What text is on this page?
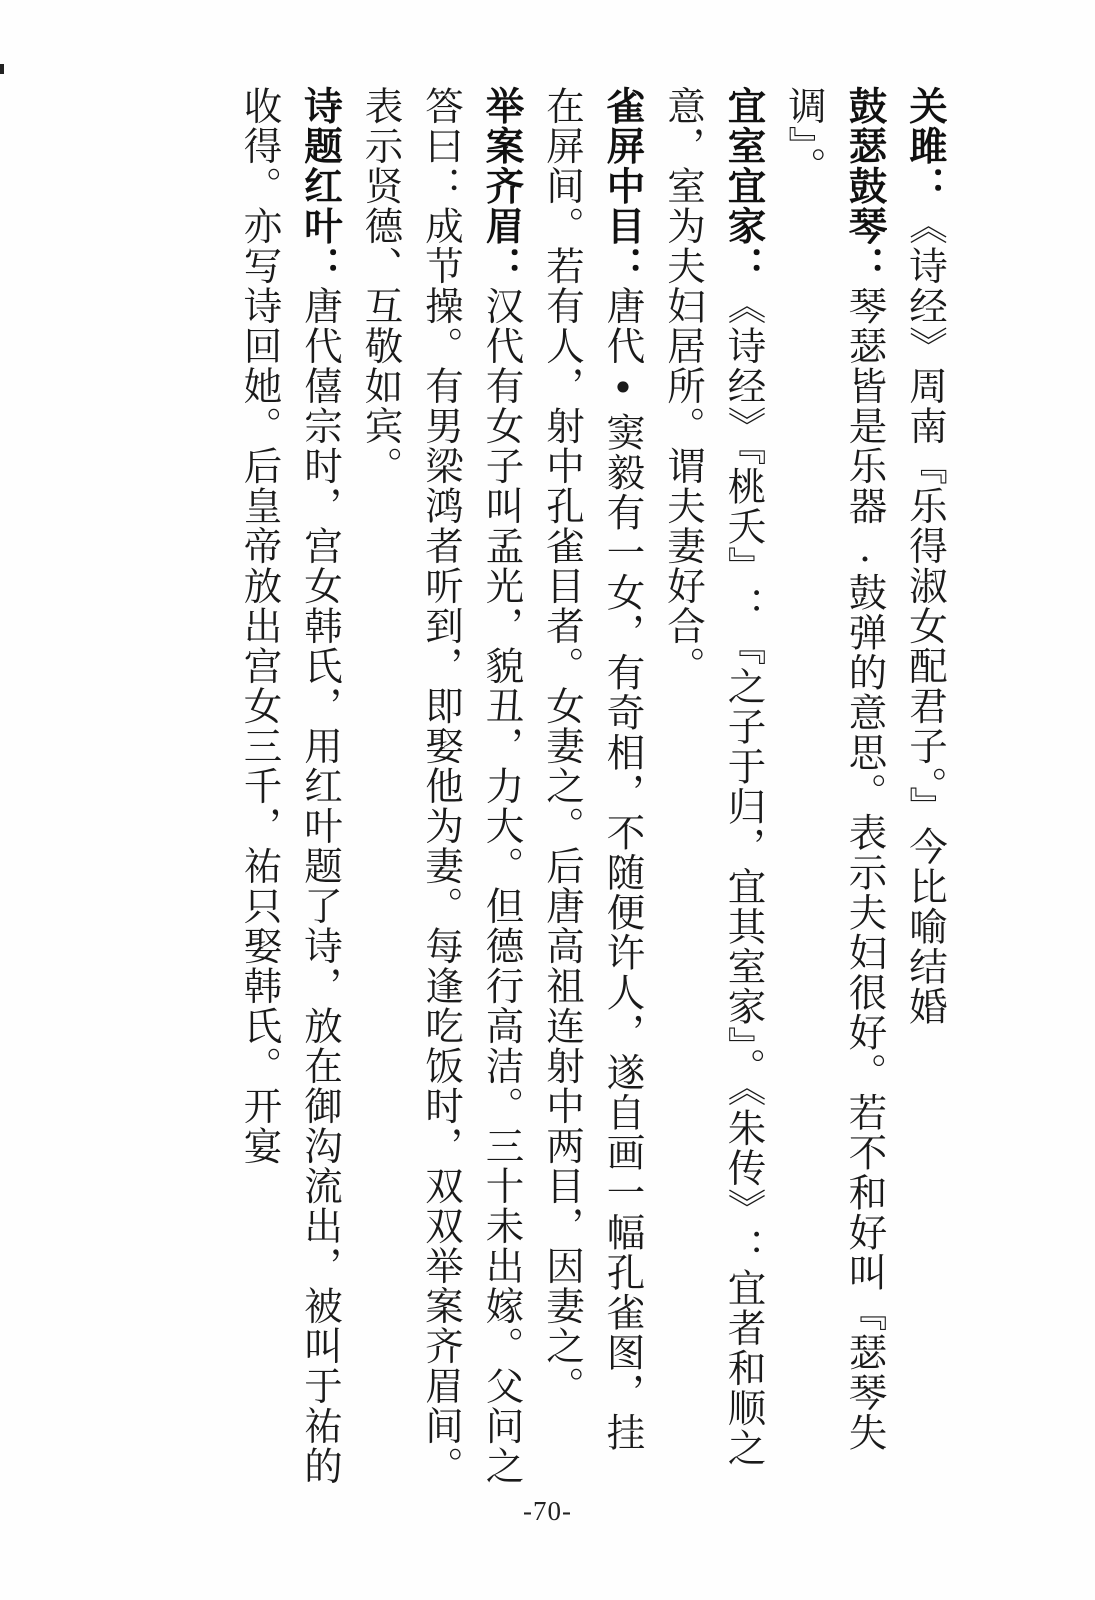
关雎：《诗经》周南『乐得淑女配君子。』今比喻结婚

鼓瑟鼓琴：琴瑟皆是乐器.鼓弹的意思。表示夫妇很好。若不和好叫『瑟琴失调』。

宜室宜家：《诗经》『桃夭』：『之子于归，宜其室家』。《朱传》：宜者和顺之意，室为夫妇居所。谓夫妻好合。

雀屏中目：唐代•窦毅有一女，有奇相，不随便许人，遂自画一幅孔雀图，挂在屏间。若有人，射中孔雀目者。女妻之。后唐高祖连射中两目，因妻之。

举案齐眉：汉代有女子叫孟光，貌丑，力大。但德行高洁。三十未出嫁。父问之答曰：成节操。有男梁鸿者听到，即娶他为妻。每逢吃饭时，双双举案齐眉间。表示贤德、互敬如宾。

诗题红叶：唐代僖宗时，宫女韩氏，用红叶题了诗，放在御沟流出，被叫于祐的收得。亦写诗回她。后皇帝放出宫女三千，祐只娶韩氏。开宴

-70-
